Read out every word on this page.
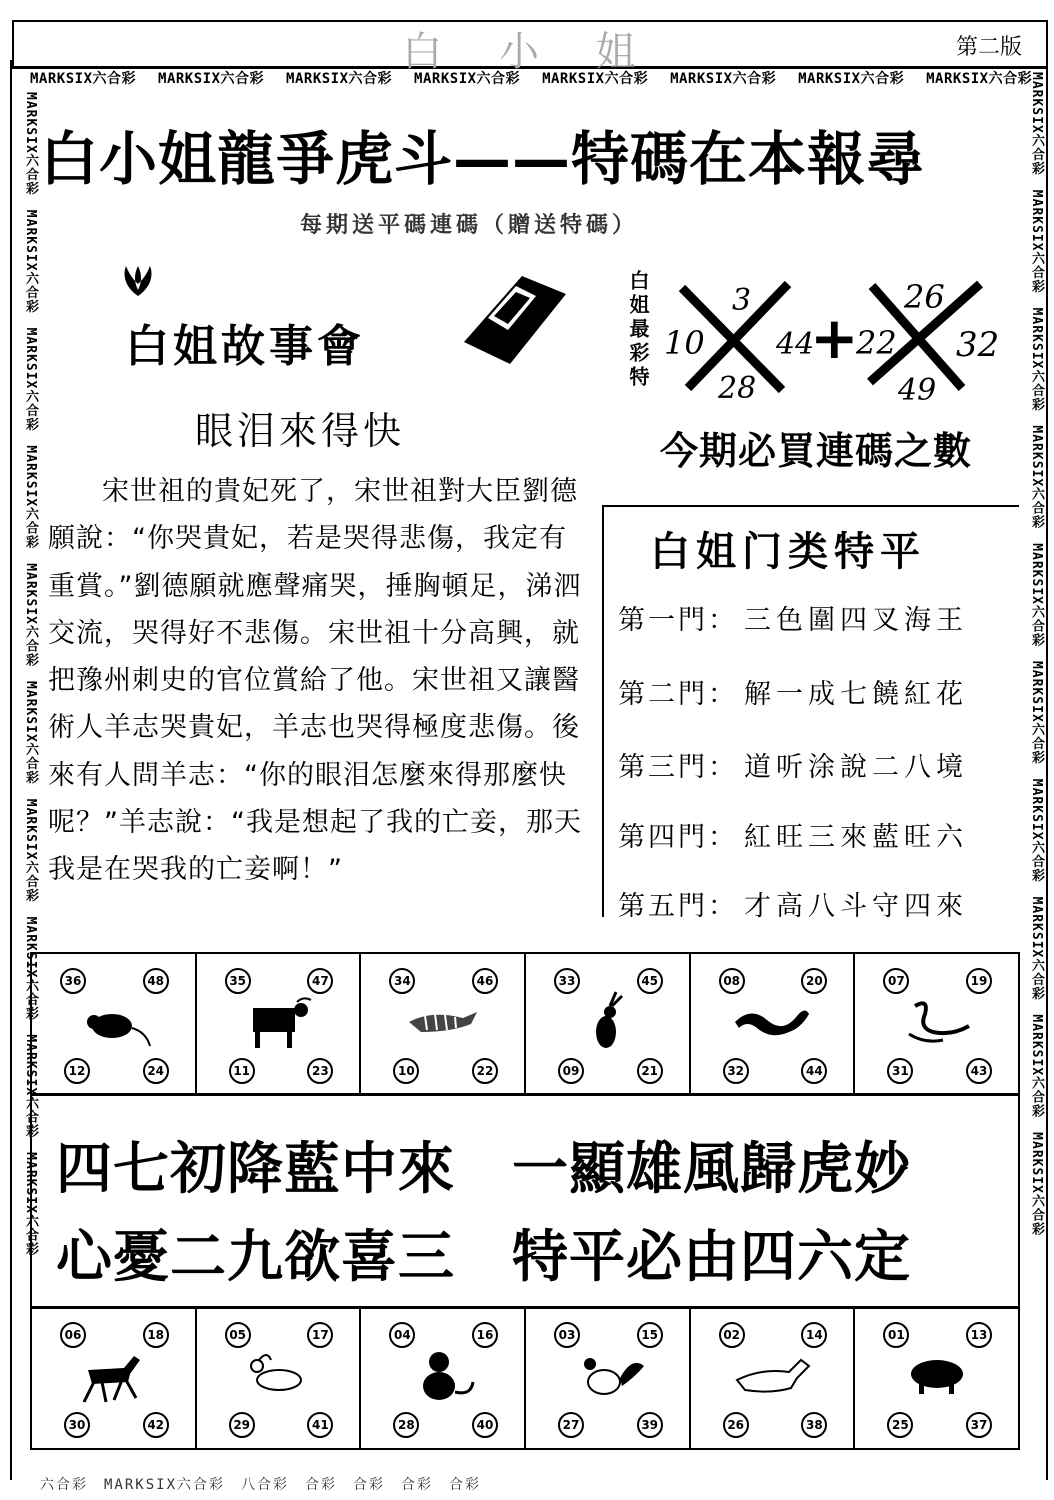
白 小 姐	第二版
MARKSIX六合彩 MARKSIX六合彩 MARKSIX六合彩 MARKSIX六合彩 MARKSIX六合彩 MARKSIX六合彩 MARKSIX六合彩 MARKSIX六合彩
MARKSIX六合彩　MARKSIX六合彩　MARKSIX六合彩　MARKSIX六合彩　MARKSIX六合彩　MARKSIX六合彩　MARKSIX六合彩　MARKSIX六合彩　MARKSIX六合彩　MARKSIX六合彩
MARKSIX六合彩　MARKSIX六合彩　MARKSIX六合彩　MARKSIX六合彩　MARKSIX六合彩　MARKSIX六合彩　MARKSIX六合彩　MARKSIX六合彩　MARKSIX六合彩　MARKSIX六合彩
白小姐龍爭虎斗——特碼在本報尋
每期送平碼連碼（贈送特碼）
白姐故事會
眼泪來得快

宋世祖的貴妃死了，宋世祖對大臣劉德願說：“你哭貴妃，若是哭得悲傷，我定有重賞。”劉德願就應聲痛哭，捶胸頓足，涕泗交流，哭得好不悲傷。宋世祖十分高興，就把豫州刺史的官位賞給了他。宋世祖又讓醫術人羊志哭貴妃，羊志也哭得極度悲傷。後來有人問羊志：“你的眼泪怎麼來得那麼快呢？”羊志說：“我是想起了我的亡妾，那天我是在哭我的亡妾啊！”

白姐最彩特 10
3
44
28
+
22
26
32
49
今期必買連碼之數
白姐门类特平
第一門： 三色圍四叉海王
第二門： 解一成七饒紅花
第三門： 道听涂說二八境
第四門： 紅旺三來藍旺六
第五門： 才高八斗守四來
36	48
12	24
35	47
11	23
34	46
10	22
33	45
09	21
08	20
32	44
07	19
31	43
四七初降藍中來　一顯雄風歸虎妙
心憂二九欲喜三　特平必由四六定
06	18
30	42
05	17
29	41
04	16
28	40
03	15
27	39
02	14
26	38
01	13
25	37
六合彩　MARKSIX六合彩　八合彩　合彩　合彩　合彩　合彩
